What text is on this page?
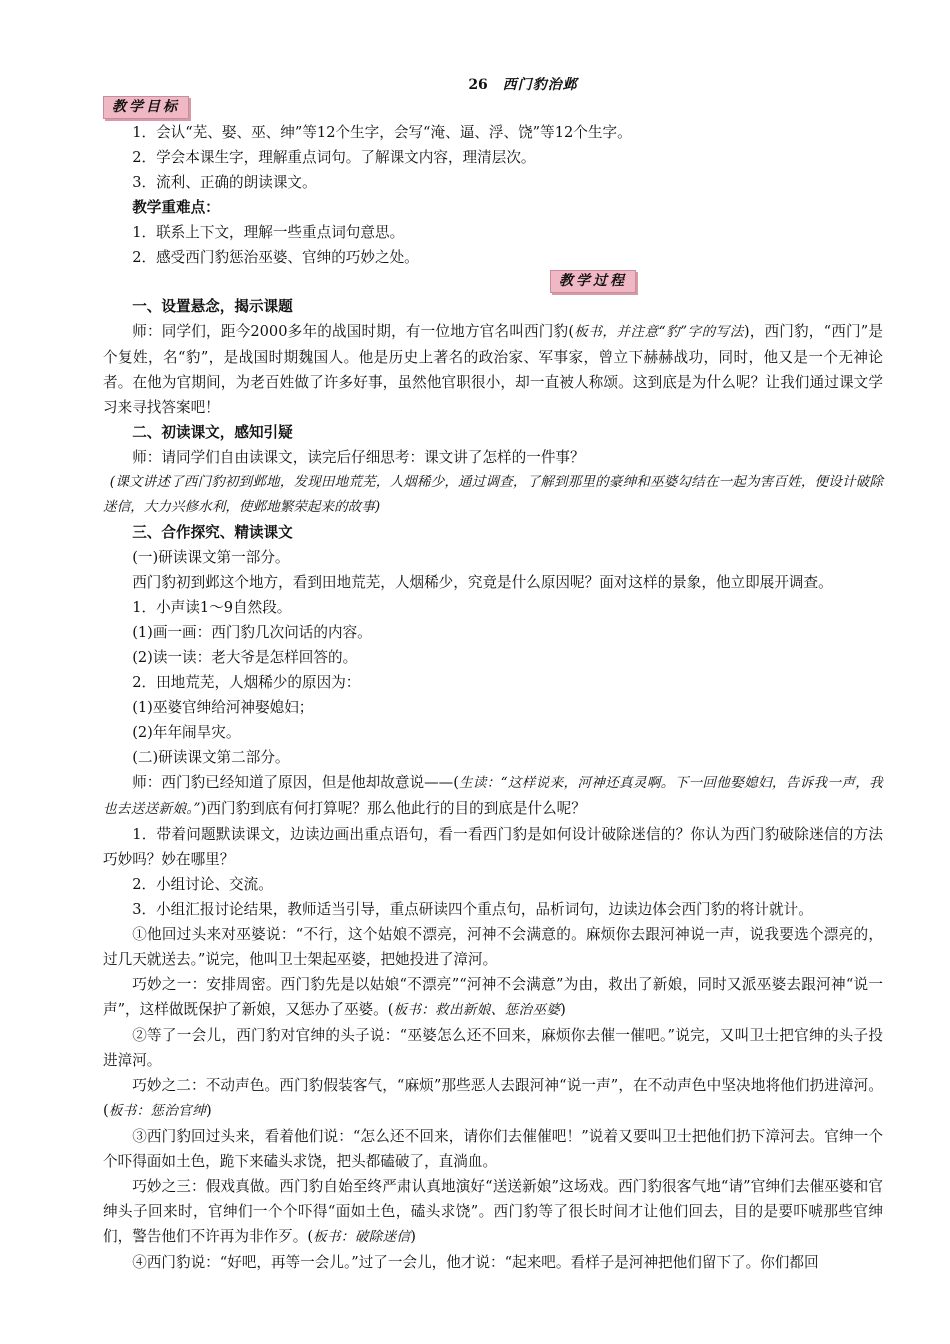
26 西门豹治邺
教学目标
1．会认“芜、娶、巫、绅”等12个生字，会写“淹、逼、浮、饶”等12个生字。
2．学会本课生字，理解重点词句。了解课文内容，理清层次。
3．流利、正确的朗读课文。
教学重难点：
1．联系上下文，理解一些重点词句意思。
2．感受西门豹惩治巫婆、官绅的巧妙之处。
教学过程
一、设置悬念，揭示课题
师：同学们，距今2000多年的战国时期，有一位地方官名叫西门豹(板书，并注意“豹”字的写法)，西门豹，“西门”是个复姓，名“豹”，是战国时期魏国人。他是历史上著名的政治家、军事家，曾立下赫赫战功，同时，他又是一个无神论者。在他为官期间，为老百姓做了许多好事，虽然他官职很小，却一直被人称颂。这到底是为什么呢？让我们通过课文学习来寻找答案吧！
二、初读课文，感知引疑
师：请同学们自由读课文，读完后仔细思考：课文讲了怎样的一件事？
(课文讲述了西门豹初到邺地，发现田地荒芜，人烟稀少，通过调查，了解到那里的豪绅和巫婆勾结在一起为害百姓，便设计破除迷信，大力兴修水利，使邺地繁荣起来的故事)
三、合作探究、精读课文
(一)研读课文第一部分。
西门豹初到邺这个地方，看到田地荒芜，人烟稀少，究竟是什么原因呢？面对这样的景象，他立即展开调查。
1．小声读1～9自然段。
(1)画一画：西门豹几次问话的内容。
(2)读一读：老大爷是怎样回答的。
2．田地荒芜，人烟稀少的原因为：
(1)巫婆官绅给河神娶媳妇；
(2)年年闹旱灾。
(二)研读课文第二部分。
师：西门豹已经知道了原因，但是他却故意说——(生读：“这样说来，河神还真灵啊。下一回他娶媳妇，告诉我一声，我也去送送新娘。”)西门豹到底有何打算呢？那么他此行的目的到底是什么呢？
1．带着问题默读课文，边读边画出重点语句，看一看西门豹是如何设计破除迷信的？你认为西门豹破除迷信的方法巧妙吗？妙在哪里？
2．小组讨论、交流。
3．小组汇报讨论结果，教师适当引导，重点研读四个重点句，品析词句，边读边体会西门豹的将计就计。
①他回过头来对巫婆说：“不行，这个姑娘不漂亮，河神不会满意的。麻烦你去跟河神说一声，说我要选个漂亮的，过几天就送去。”说完，他叫卫士架起巫婆，把她投进了漳河。
巧妙之一：安排周密。西门豹先是以姑娘“不漂亮”“河神不会满意”为由，救出了新娘，同时又派巫婆去跟河神“说一声”，这样做既保护了新娘，又惩办了巫婆。(板书：救出新娘、惩治巫婆)
②等了一会儿，西门豹对官绅的头子说：“巫婆怎么还不回来，麻烦你去催一催吧。”说完，又叫卫士把官绅的头子投进漳河。
巧妙之二：不动声色。西门豹假装客气，“麻烦”那些恶人去跟河神“说一声”，在不动声色中坚决地将他们扔进漳河。(板书：惩治官绅)
③西门豹回过头来，看着他们说：“怎么还不回来，请你们去催催吧！”说着又要叫卫士把他们扔下漳河去。官绅一个个吓得面如土色，跪下来磕头求饶，把头都磕破了，直淌血。
巧妙之三：假戏真做。西门豹自始至终严肃认真地演好“送送新娘”这场戏。西门豹很客气地“请”官绅们去催巫婆和官绅头子回来时，官绅们一个个吓得“面如土色，磕头求饶”。西门豹等了很长时间才让他们回去，目的是要吓唬那些官绅们，警告他们不许再为非作歹。(板书：破除迷信)
④西门豹说：“好吧，再等一会儿。”过了一会儿，他才说：“起来吧。看样子是河神把他们留下了。你们都回
